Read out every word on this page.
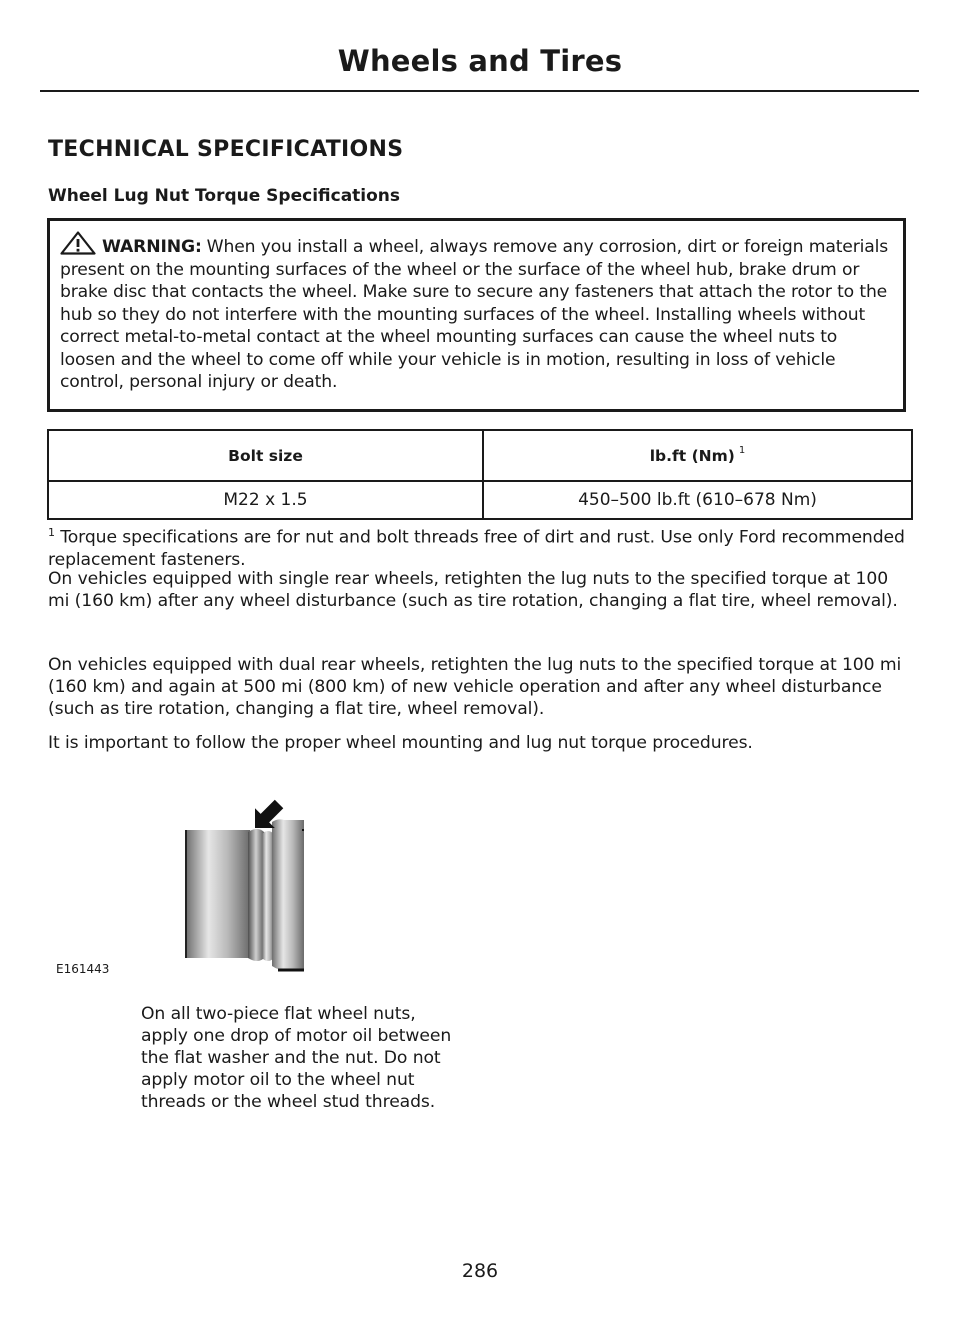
Wheels and Tires
TECHNICAL SPECIFICATIONS
Wheel Lug Nut Torque Specifications
WARNING: When you install a wheel, always remove any corrosion, dirt or foreign materials present on the mounting surfaces of the wheel or the surface of the wheel hub, brake drum or brake disc that contacts the wheel. Make sure to secure any fasteners that attach the rotor to the hub so they do not interfere with the mounting surfaces of the wheel. Installing wheels without correct metal-to-metal contact at the wheel mounting surfaces can cause the wheel nuts to loosen and the wheel to come off while your vehicle is in motion, resulting in loss of vehicle control, personal injury or death.
Bolt size	lb.ft (Nm) $^1$
M22 x 1.5	450–500 lb.ft (610–678 Nm)
$^1$ Torque specifications are for nut and bolt threads free of dirt and rust. Use only Ford recommended replacement fasteners.
On vehicles equipped with single rear wheels, retighten the lug nuts to the specified torque at 100 mi (160 km) after any wheel disturbance (such as tire rotation, changing a flat tire, wheel removal).
On vehicles equipped with dual rear wheels, retighten the lug nuts to the specified torque at 100 mi (160 km) and again at 500 mi (800 km) of new vehicle operation and after any wheel disturbance (such as tire rotation, changing a flat tire, wheel removal).
It is important to follow the proper wheel mounting and lug nut torque procedures.
E161443
On all two-piece flat wheel nuts, apply one drop of motor oil between the flat washer and the nut. Do not apply motor oil to the wheel nut threads or the wheel stud threads.
286
